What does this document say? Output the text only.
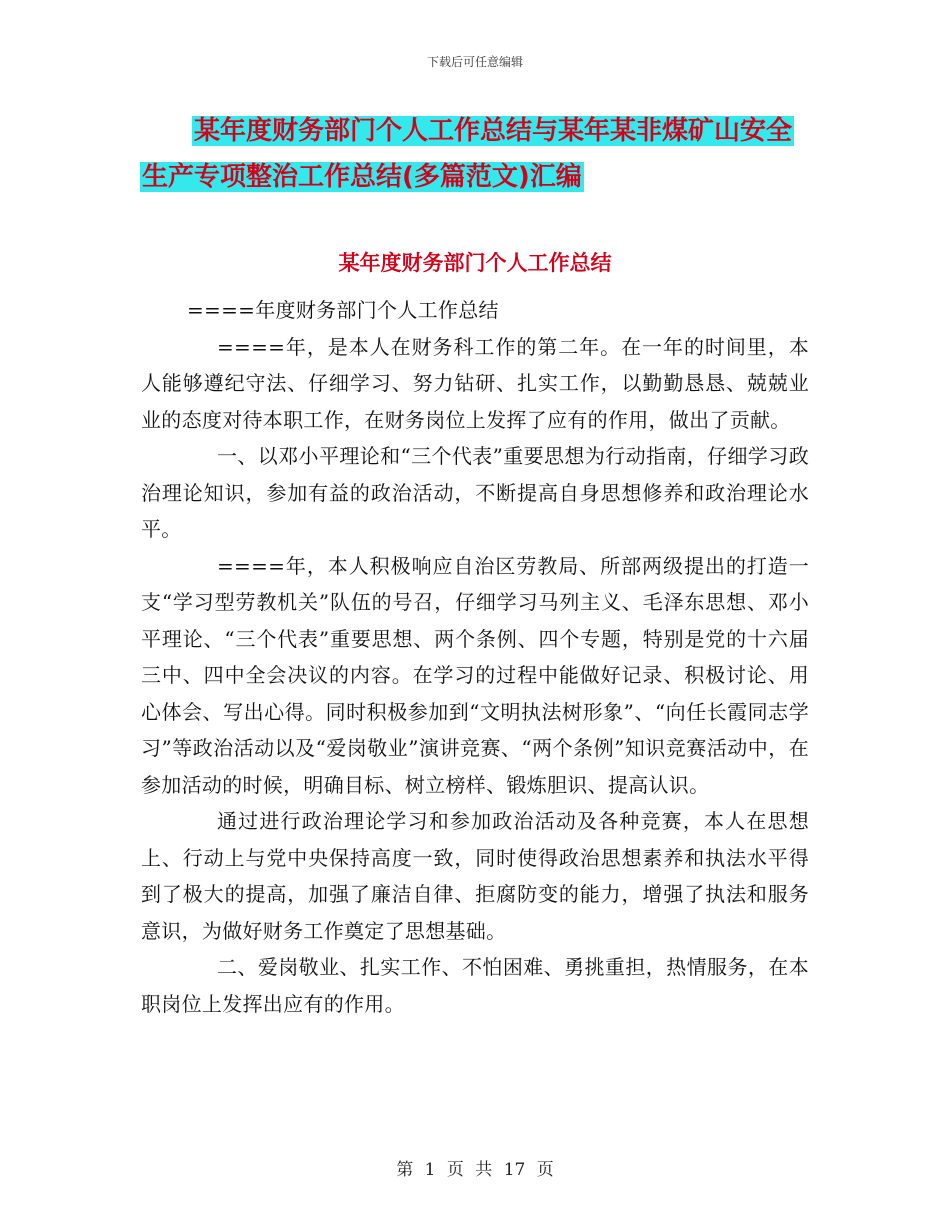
下载后可任意编辑
某年度财务部门个人工作总结与某年某非煤矿山安全
生产专项整治工作总结(多篇范文)汇编
某年度财务部门个人工作总结

====年度财务部门个人工作总结

====年，是本人在财务科工作的第二年。在一年的时间里，本人能够遵纪守法、仔细学习、努力钻研、扎实工作，以勤勤恳恳、兢兢业业的态度对待本职工作，在财务岗位上发挥了应有的作用，做出了贡献。

一、以邓小平理论和“三个代表”重要思想为行动指南，仔细学习政治理论知识，参加有益的政治活动，不断提高自身思想修养和政治理论水平。

====年，本人积极响应自治区劳教局、所部两级提出的打造一支“学习型劳教机关”队伍的号召，仔细学习马列主义、毛泽东思想、邓小平理论、“三个代表”重要思想、两个条例、四个专题，特别是党的十六届三中、四中全会决议的内容。在学习的过程中能做好记录、积极讨论、用心体会、写出心得。同时积极参加到“文明执法树形象”、“向任长霞同志学习”等政治活动以及“爱岗敬业”演讲竞赛、“两个条例”知识竞赛活动中，在参加活动的时候，明确目标、树立榜样、锻炼胆识、提高认识。

通过进行政治理论学习和参加政治活动及各种竞赛，本人在思想上、行动上与党中央保持高度一致，同时使得政治思想素养和执法水平得到了极大的提高，加强了廉洁自律、拒腐防变的能力，增强了执法和服务意识，为做好财务工作奠定了思想基础。

二、爱岗敬业、扎实工作、不怕困难、勇挑重担，热情服务，在本职岗位上发挥出应有的作用。

第 1 页 共 17 页
